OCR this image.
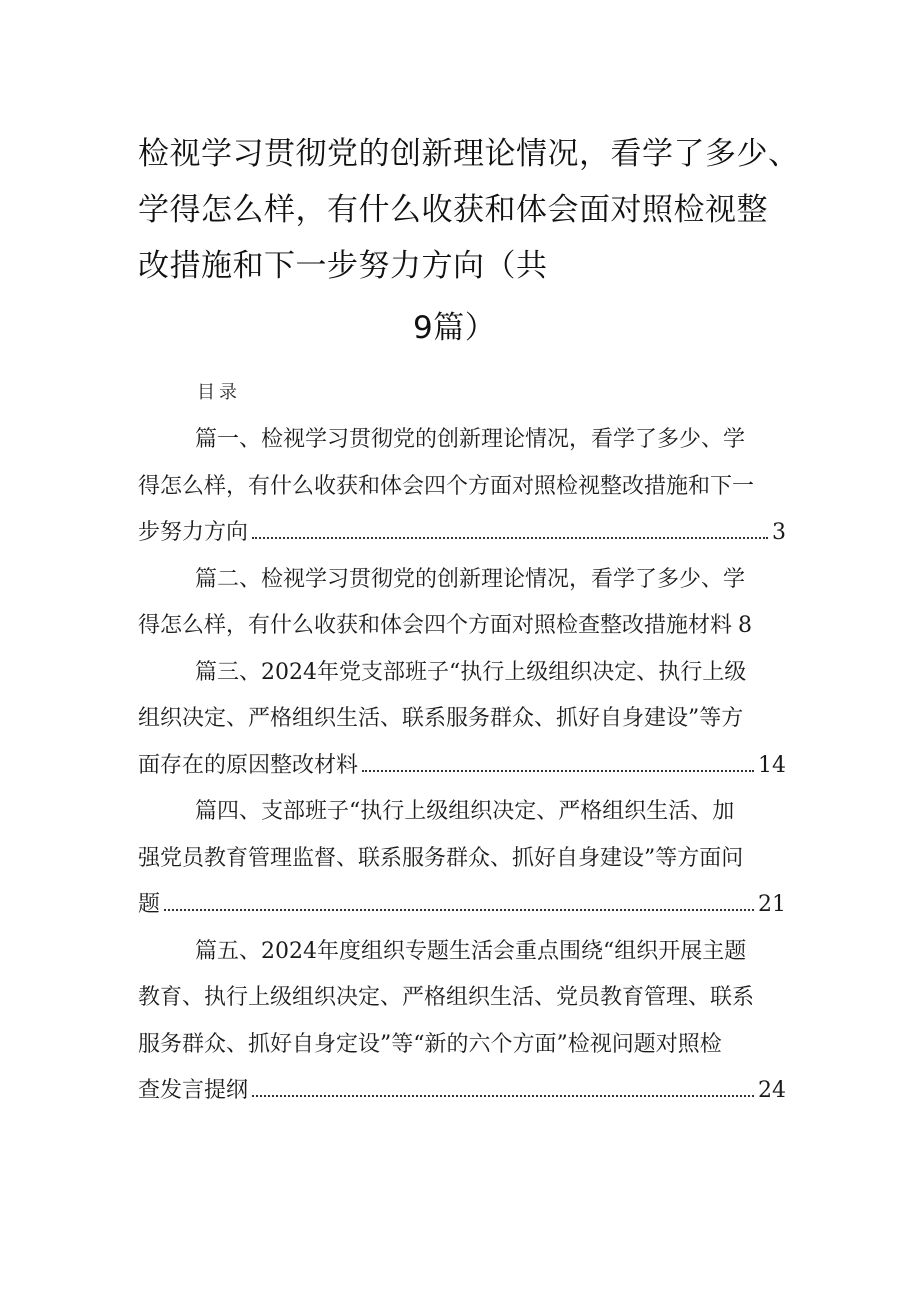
检视学习贯彻党的创新理论情况，看学了多少、
学得怎么样，有什么收获和体会面对照检视整
改措施和下一步努力方向（共
9篇）
目录
篇一、检视学习贯彻党的创新理论情况，看学了多少、学
得怎么样，有什么收获和体会四个方面对照检视整改措施和下一
步努力方向	3
篇二、检视学习贯彻党的创新理论情况，看学了多少、学
得怎么样，有什么收获和体会四个方面对照检查整改措施材料 8
篇三、2024年党支部班子“执行上级组织决定、执行上级
组织决定、严格组织生活、联系服务群众、抓好自身建设”等方
面存在的原因整改材料	14
篇四、支部班子“执行上级组织决定、严格组织生活、加
强党员教育管理监督、联系服务群众、抓好自身建设”等方面问
题	21
篇五、2024年度组织专题生活会重点围绕“组织开展主题
教育、执行上级组织决定、严格组织生活、党员教育管理、联系
服务群众、抓好自身定设”等“新的六个方面”检视问题对照检
查发言提纲	24
